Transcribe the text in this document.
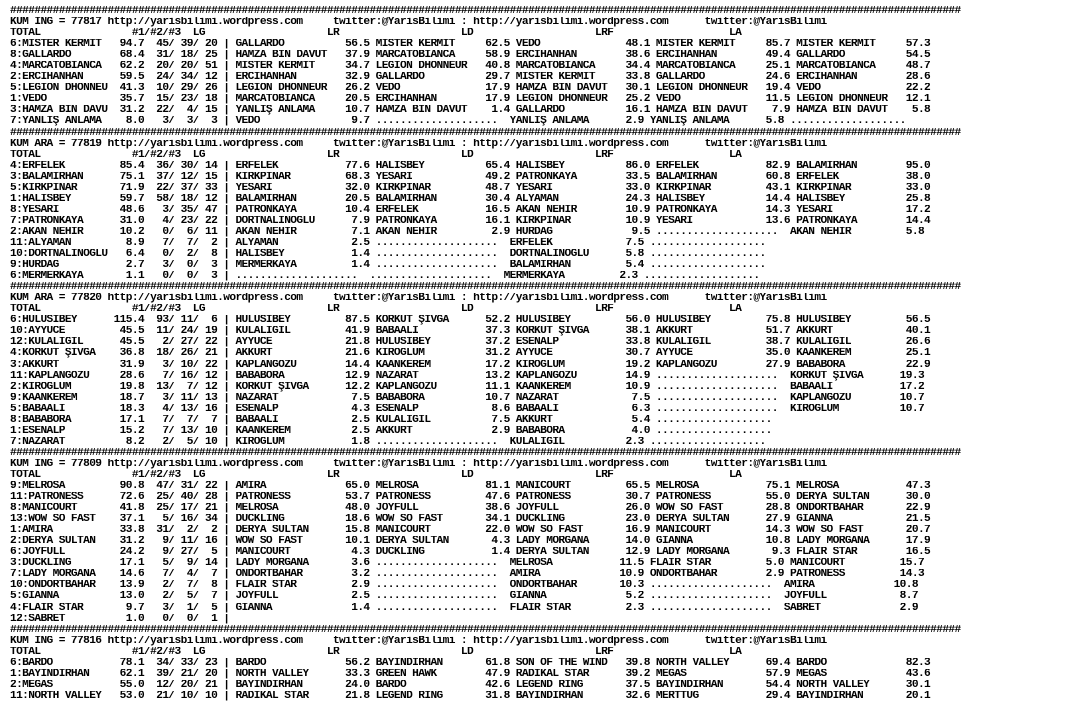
############################################################################################################################################################
KUM ING = 77817 http://yarisbilimi.wordpress.com     twitter:@YarisBilimi : http://yarisbilimi.wordpress.com      twitter:@YarisBilimi
TOTAL               #1/#2/#3  LG                    LR                    LD                    LRF                   LA
6:MISTER KERMİT   94.7  45/ 39/ 20 | GALLARDO          56.5 MISTER KERMİT     62.5 VEDO              48.1 MISTER KERMİT     85.7 MISTER KERMİT     57.3
8:GALLARDO        68.4  31/ 18/ 25 | HAMZA BİN DAVUT   37.9 MARCATOBIANCA     58.9 ERCİHANHAN        38.6 ERCİHANHAN        49.4 GALLARDO          54.5
4:MARCATOBIANCA   62.2  20/ 20/ 51 | MISTER KERMİT     34.7 LEGION DHONNEUR   40.8 MARCATOBIANCA     34.4 MARCATOBIANCA     25.1 MARCATOBIANCA     48.7
2:ERCİHANHAN      59.5  24/ 34/ 12 | ERCİHANHAN        32.9 GALLARDO          29.7 MISTER KERMİT     33.8 GALLARDO          24.6 ERCİHANHAN        28.6
5:LEGION DHONNEU  41.3  10/ 29/ 26 | LEGION DHONNEUR   26.2 VEDO              17.9 HAMZA BİN DAVUT   30.1 LEGION DHONNEUR   19.4 VEDO              22.2
1:VEDO            35.7  15/ 23/ 18 | MARCATOBIANCA     20.5 ERCİHANHAN        17.9 LEGION DHONNEUR   25.2 VEDO              11.5 LEGION DHONNEUR   12.1
3:HAMZA BİN DAVU  31.2  22/  4/ 15 | YANLIŞ ANLAMA     10.7 HAMZA BİN DAVUT    1.4 GALLARDO          16.1 HAMZA BİN DAVUT    7.9 HAMZA BİN DAVUT    5.8
7:YANLIŞ ANLAMA    8.0   3/  3/  3 | VEDO               9.7 ....................  YANLIŞ ANLAMA      2.9 YANLIŞ ANLAMA      5.8 ...................
############################################################################################################################################################
KUM ARA = 77819 http://yarisbilimi.wordpress.com     twitter:@YarisBilimi : http://yarisbilimi.wordpress.com      twitter:@YarisBilimi
TOTAL               #1/#2/#3  LG                    LR                    LD                    LRF                   LA
4:ERFELEK         85.4  36/ 30/ 14 | ERFELEK           77.6 HALİSBEY          65.4 HALİSBEY          86.0 ERFELEK           82.9 BALAMİRHAN        95.0
3:BALAMİRHAN      75.1  37/ 12/ 15 | KIRKPINAR         68.3 YESARİ            49.2 PATRONKAYA        33.5 BALAMİRHAN        60.8 ERFELEK           38.0
5:KIRKPINAR       71.9  22/ 37/ 33 | YESARİ            32.0 KIRKPINAR         48.7 YESARİ            33.0 KIRKPINAR         43.1 KIRKPINAR         33.0
1:HALİSBEY        59.7  58/ 18/ 12 | BALAMİRHAN        20.5 BALAMİRHAN        30.4 ALYAMAN           24.3 HALİSBEY          14.4 HALİSBEY          25.8
8:YESARİ          48.6   3/ 35/ 47 | PATRONKAYA        10.4 ERFELEK           16.5 AKAN NEHİR        10.9 PATRONKAYA        14.3 YESARİ            17.2
7:PATRONKAYA      31.0   4/ 23/ 22 | DÖRTNALINOĞLU      7.9 PATRONKAYA        16.1 KIRKPINAR         10.9 YESARİ            13.6 PATRONKAYA        14.4
2:AKAN NEHİR      10.2   0/  6/ 11 | AKAN NEHİR         7.1 AKAN NEHİR         2.9 HÜRDAĞ             9.5 ....................  AKAN NEHİR         5.8
11:ALYAMAN         8.9   7/  7/  2 | ALYAMAN            2.5 ....................  ERFELEK            7.5 ...................
10:DÖRTNALINOĞLU   6.4   0/  2/  8 | HALİSBEY           1.4 ....................  DÖRTNALINOĞLU      5.8 ...................
9:HÜRDAĞ           2.7   3/  0/  3 | MERMERKAYA         1.4 ....................  BALAMİRHAN         5.4 ...................
6:MERMERKAYA       1.1   0/  0/  3 | ....................  ....................  MERMERKAYA         2.3 ...................
############################################################################################################################################################
KUM ARA = 77820 http://yarisbilimi.wordpress.com     twitter:@YarisBilimi : http://yarisbilimi.wordpress.com      twitter:@YarisBilimi
TOTAL               #1/#2/#3  LG                    LR                    LD                    LRF                   LA
6:HULUSİBEY      115.4  93/ 11/  6 | HULUSİBEY         87.5 KORKUT ŞIVGA      52.2 HULUSİBEY         56.0 HULUSİBEY         75.8 HULUSİBEY         56.5
10:AYYÜCE         45.5  11/ 24/ 19 | KULALIGIL         41.9 BABAALİ           37.3 KORKUT ŞIVGA      38.1 AKKURT            51.7 AKKURT            40.1
12:KULALIGIL      45.5   2/ 27/ 22 | AYYÜCE            21.8 HULUSİBEY         37.2 ESENALP           33.8 KULALIGIL         38.7 KULALIGIL         26.6
4:KORKUT ŞIVGA    36.8  18/ 26/ 21 | AKKURT            21.6 KIROĞLUM          31.2 AYYÜCE            30.7 AYYÜCE            35.0 KAANKEREM         25.1
3:AKKURT          31.9   3/ 10/ 22 | KAPLANGÖZÜ        14.4 KAANKEREM         17.2 KIROĞLUM          19.2 KAPLANGÖZÜ        27.9 BABABORA          22.9
11:KAPLANGÖZÜ     28.6   7/ 16/ 12 | BABABORA          12.9 NAZARAT           13.2 KAPLANGÖZÜ        14.9 ....................  KORKUT ŞIVGA      19.3
2:KIROĞLUM        19.8  13/  7/ 12 | KORKUT ŞIVGA      12.2 KAPLANGÖZÜ        11.1 KAANKEREM         10.9 ....................  BABAALİ           17.2
9:KAANKEREM       18.7   3/ 11/ 13 | NAZARAT            7.5 BABABORA          10.7 NAZARAT            7.5 ....................  KAPLANGÖZÜ        10.7
5:BABAALİ         18.3   4/ 13/ 16 | ESENALP            4.3 ESENALP            8.6 BABAALİ            6.3 ....................  KIROĞLUM          10.7
8:BABABORA        17.1   7/  7/  7 | BABAALİ            2.5 KULALIGIL          7.5 AKKURT             5.4 ...................
1:ESENALP         15.2   7/ 13/ 10 | KAANKEREM          2.5 AKKURT             2.9 BABABORA           4.0 ...................
7:NAZARAT          8.2   2/  5/ 10 | KIROĞLUM           1.8 ....................  KULALIGIL          2.3 ...................
############################################################################################################################################################
KUM ING = 77809 http://yarisbilimi.wordpress.com     twitter:@YarisBilimi : http://yarisbilimi.wordpress.com      twitter:@YarisBilimi
TOTAL               #1/#2/#3  LG                    LR                    LD                    LRF                   LA
9:MELROSA         90.8  47/ 31/ 22 | AMİRA             65.0 MELROSA           81.1 MANICOURT         65.5 MELROSA           75.1 MELROSA           47.3
11:PATRONESS      72.6  25/ 40/ 28 | PATRONESS         53.7 PATRONESS         47.6 PATRONESS         30.7 PATRONESS         55.0 DERYA SULTAN      30.0
8:MANICOURT       41.8  25/ 17/ 21 | MELROSA           48.0 JOYFULL           38.6 JOYFULL           26.0 WOW SO FAST       28.8 ONDÖRTBAHAR       22.9
13:WOW SO FAST    37.1   5/ 16/ 34 | DUCKLING          18.6 WOW SO FAST       34.1 DUCKLING          23.0 DERYA SULTAN      27.9 GIANNA            21.5
1:AMİRA           33.8  31/  2/  2 | DERYA SULTAN      15.8 MANICOURT         22.0 WOW SO FAST       16.9 MANICOURT         14.3 WOW SO FAST       20.7
2:DERYA SULTAN    31.2   9/ 11/ 16 | WOW SO FAST       10.1 DERYA SULTAN       4.3 LADY MORGANA      14.0 GIANNA            10.8 LADY MORGANA      17.9
6:JOYFULL         24.2   9/ 27/  5 | MANICOURT          4.3 DUCKLING           1.4 DERYA SULTAN      12.9 LADY MORGANA       9.3 FLAIR STAR        16.5
3:DUCKLING        17.1   5/  9/ 14 | LADY MORGANA       3.6 ....................  MELROSA           11.5 FLAIR STAR         5.0 MANICOURT         15.7
7:LADY MORGANA    14.6   7/  4/  7 | ONDÖRTBAHAR        3.2 ....................  AMİRA             10.9 ONDÖRTBAHAR        2.9 PATRONESS         14.3
10:ONDÖRTBAHAR    13.9   2/  7/  8 | FLAIR STAR         2.9 ....................  ONDÖRTBAHAR       10.3 ....................  AMİRA             10.8
5:GIANNA          13.0   2/  5/  7 | JOYFULL            2.5 ....................  GIANNA             5.2 ....................  JOYFULL            8.7
4:FLAIR STAR       9.7   3/  1/  5 | GIANNA             1.4 ....................  FLAIR STAR         2.3 ....................  SABRET             2.9
12:SABRET          1.0   0/  0/  1 |
############################################################################################################################################################
KUM ING = 77816 http://yarisbilimi.wordpress.com     twitter:@YarisBilimi : http://yarisbilimi.wordpress.com      twitter:@YarisBilimi
TOTAL               #1/#2/#3  LG                    LR                    LD                    LRF                   LA
6:BARDO           78.1  34/ 33/ 23 | BARDO             56.2 BAYINDIRHAN       61.8 SON OF THE WIND   39.8 NORTH VALLEY      69.4 BARDO             82.3
1:BAYINDIRHAN     62.1  39/ 21/ 20 | NORTH VALLEY      33.3 GREEN HAWK        47.9 RADIKAL STAR      39.2 MEGAS             57.9 MEGAS             43.6
2:MEGAS           55.0  12/ 20/ 21 | BAYINDIRHAN       24.0 BARDO             42.6 LEGEND RING       37.5 BAYINDIRHAN       54.4 NORTH VALLEY      30.1
11:NORTH VALLEY   53.0  21/ 10/ 10 | RADIKAL STAR      21.8 LEGEND RING       31.8 BAYINDIRHAN       32.6 MERTTUĞ           29.4 BAYINDIRHAN       20.1
